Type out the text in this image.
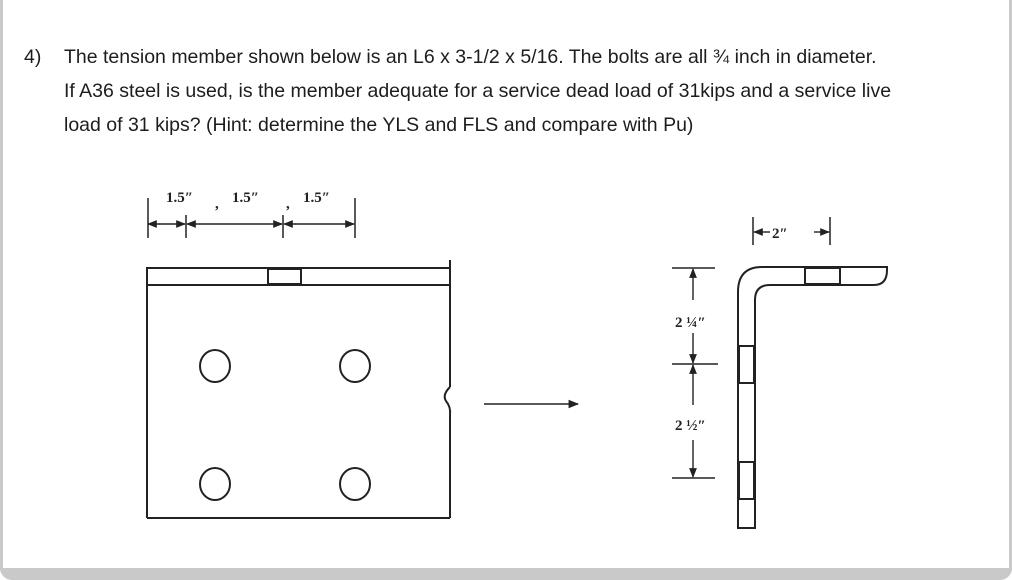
4) The tension member shown below is an L6 x 3-1/2 x 5/16. The bolts are all ¾ inch in diameter.
If A36 steel is used, is the member adequate for a service dead load of 31kips and a service live
load of 31 kips? (Hint: determine the YLS and FLS and compare with Pu)
1.5″	1.5″	1.5″
,	,
2″
2 ¼″
2 ½″
